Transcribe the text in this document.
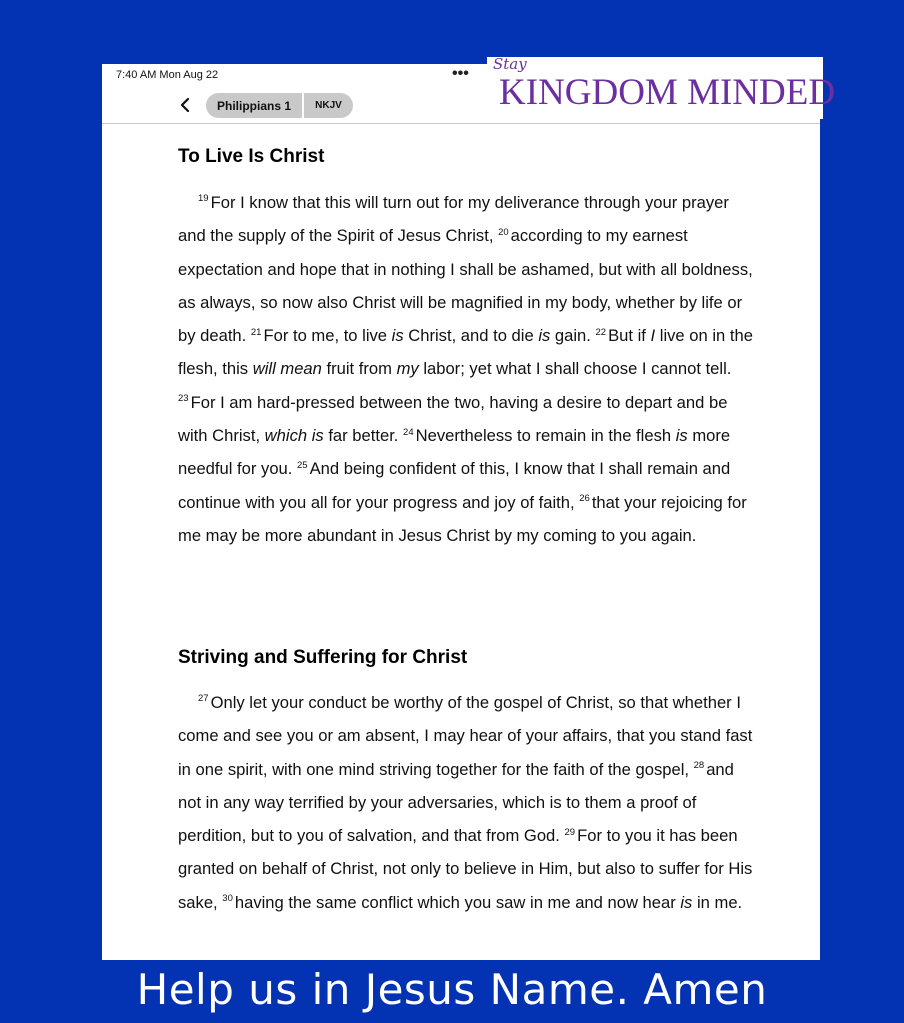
7:40 AM Mon Aug 22	•••
Philippians 1	NKJV
To Live Is Christ
$^{19}$ For I know that this will turn out for my deliverance through your prayer and the supply of the Spirit of Jesus Christ, $^{20}$ according to my earnest expectation and hope that in nothing I shall be ashamed, but with all boldness, as always, so now also Christ will be magnified in my body, whether by life or by death. $^{21}$ For to me, to live is Christ, and to die is gain. $^{22}$ But if I live on in the flesh, this will mean fruit from my labor; yet what I shall choose I cannot tell. $^{23}$ For I am hard-pressed between the two, having a desire to depart and be with Christ, which is far better. $^{24}$ Nevertheless to remain in the flesh is more needful for you. $^{25}$ And being confident of this, I know that I shall remain and continue with you all for your progress and joy of faith, $^{26}$ that your rejoicing for me may be more abundant in Jesus Christ by my coming to you again.
Striving and Suffering for Christ
$^{27}$ Only let your conduct be worthy of the gospel of Christ, so that whether I come and see you or am absent, I may hear of your affairs, that you stand fast in one spirit, with one mind striving together for the faith of the gospel, $^{28}$ and not in any way terrified by your adversaries, which is to them a proof of perdition, but to you of salvation, and that from God. $^{29}$ For to you it has been granted on behalf of Christ, not only to believe in Him, but also to suffer for His sake, $^{30}$ having the same conflict which you saw in me and now hear is in me.
Stay
KINGDOM MINDED
Help us in Jesus Name. Amen
